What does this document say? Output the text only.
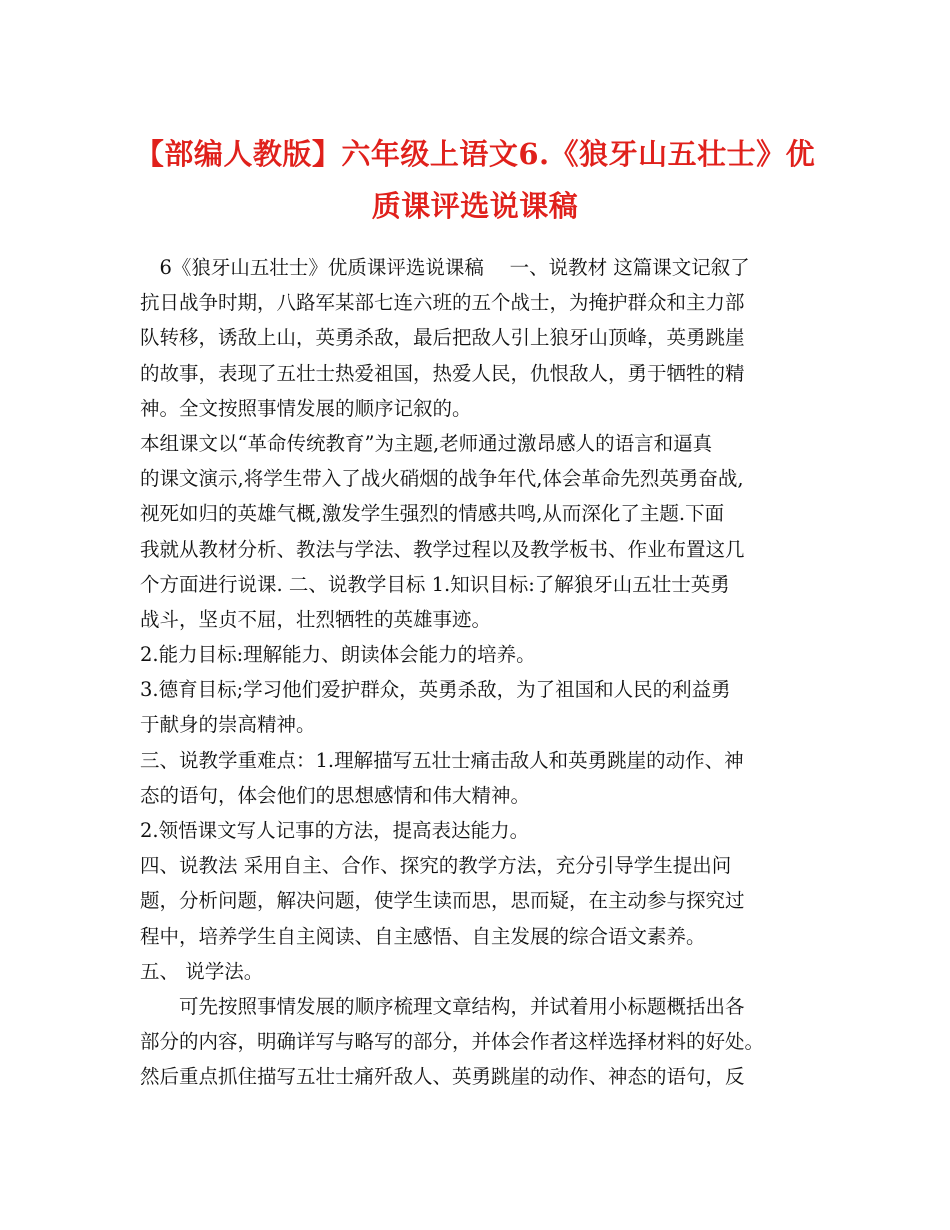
【部编人教版】六年级上语文6.《狼牙山五壮士》优
质课评选说课稿
　6《狼牙山五壮士》优质课评选说课稿　 一、说教材 这篇课文记叙了
抗日战争时期，八路军某部七连六班的五个战士，为掩护群众和主力部
队转移，诱敌上山，英勇杀敌，最后把敌人引上狼牙山顶峰，英勇跳崖
的故事，表现了五壮士热爱祖国，热爱人民，仇恨敌人，勇于牺牲的精
神。全文按照事情发展的顺序记叙的。
本组课文以“革命传统教育”为主题,老师通过激昂感人的语言和逼真
的课文演示,将学生带入了战火硝烟的战争年代,体会革命先烈英勇奋战,
视死如归的英雄气概,激发学生强烈的情感共鸣,从而深化了主题.下面
我就从教材分析、教法与学法、教学过程以及教学板书、作业布置这几
个方面进行说课. 二、说教学目标 1.知识目标:了解狼牙山五壮士英勇
战斗，坚贞不屈，壮烈牺牲的英雄事迹。
2.能力目标:理解能力、朗读体会能力的培养。
3.德育目标;学习他们爱护群众，英勇杀敌，为了祖国和人民的利益勇
于献身的崇高精神。
三、说教学重难点：1.理解描写五壮士痛击敌人和英勇跳崖的动作、神
态的语句，体会他们的思想感情和伟大精神。
2.领悟课文写人记事的方法，提高表达能力。
四、说教法 采用自主、合作、探究的教学方法，充分引导学生提出问
题，分析问题，解决问题，使学生读而思，思而疑，在主动参与探究过
程中，培养学生自主阅读、自主感悟、自主发展的综合语文素养。
五、 说学法。
　　可先按照事情发展的顺序梳理文章结构，并试着用小标题概括出各
部分的内容，明确详写与略写的部分，并体会作者这样选择材料的好处。
然后重点抓住描写五壮士痛歼敌人、英勇跳崖的动作、神态的语句，反
